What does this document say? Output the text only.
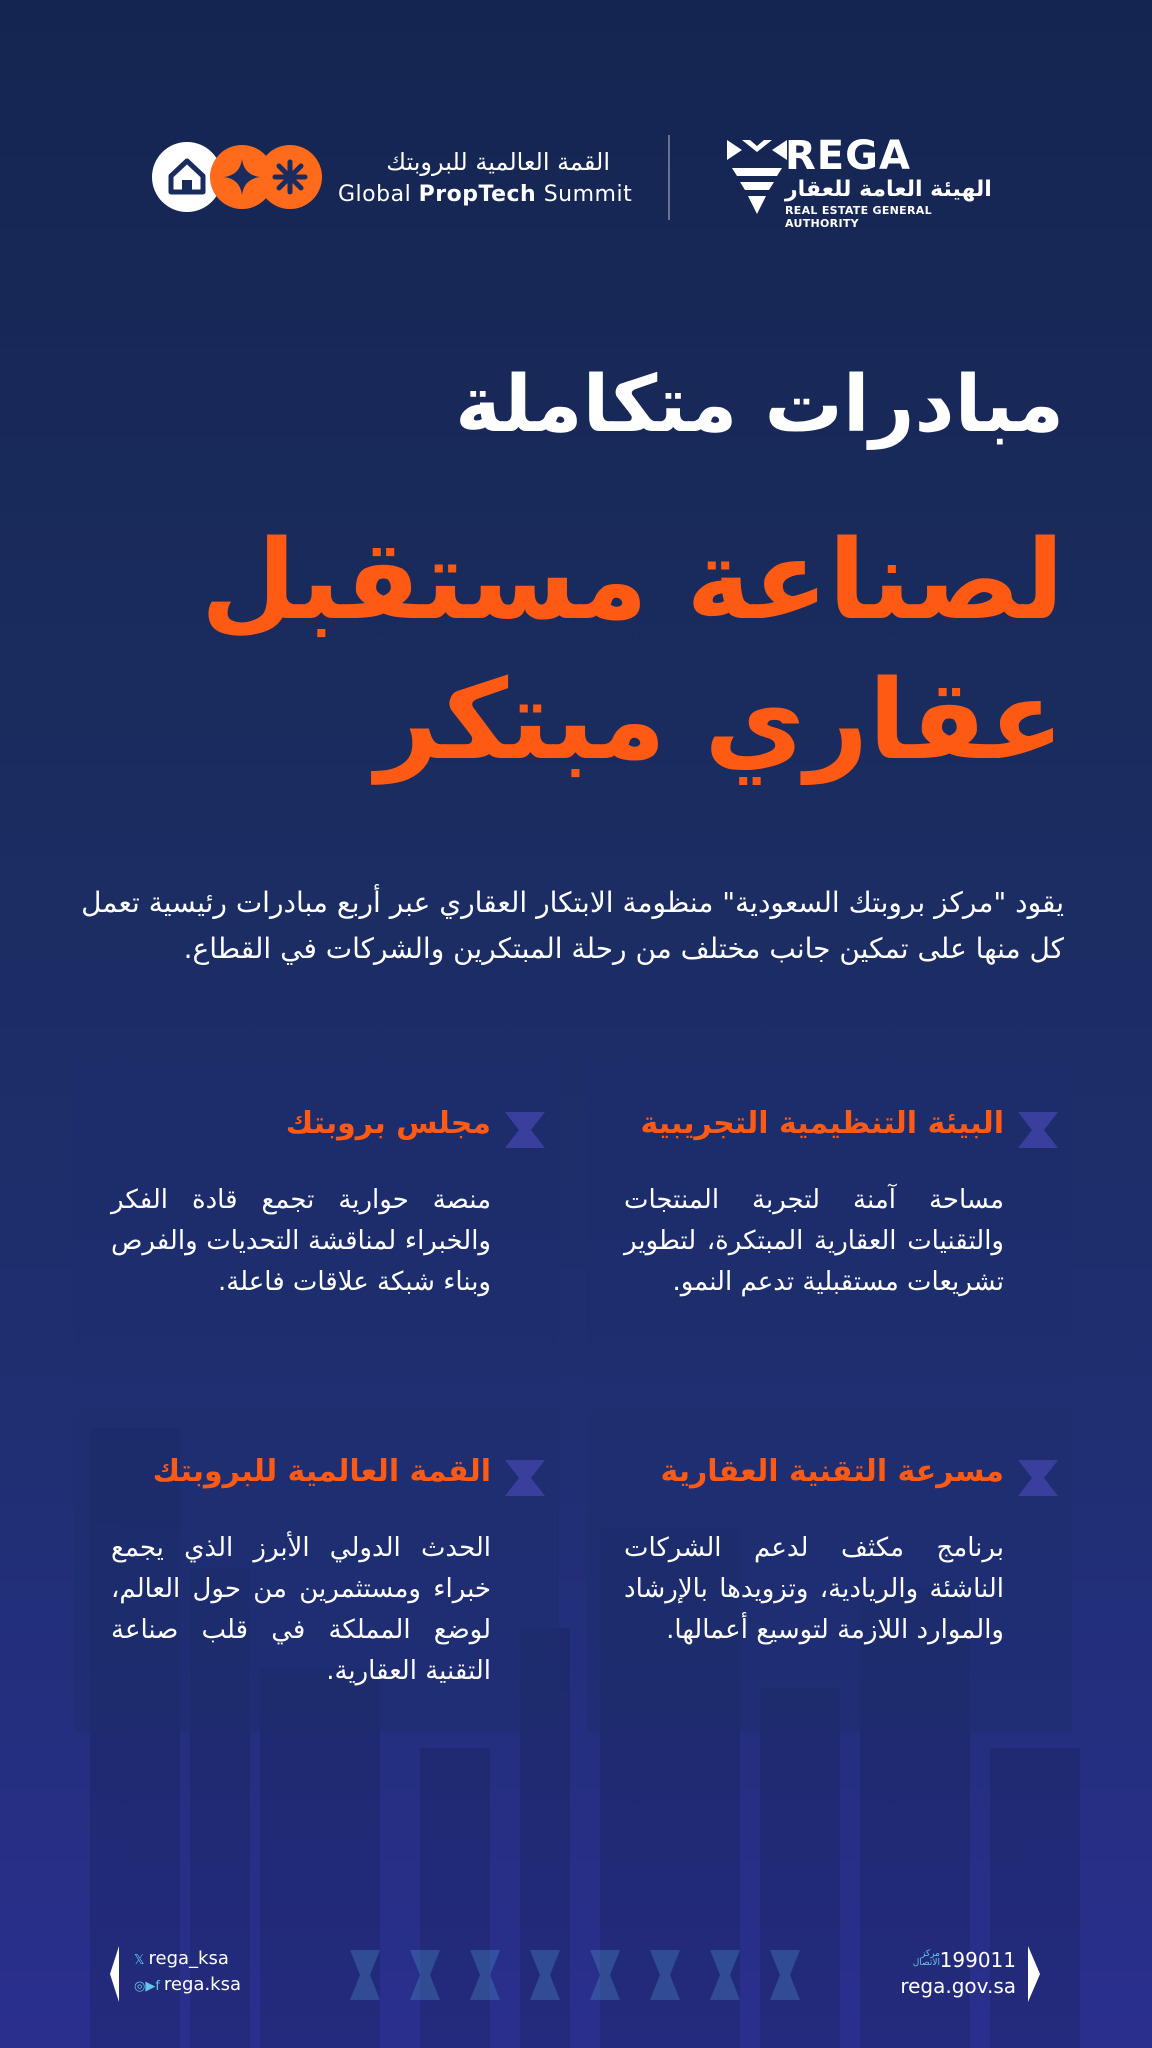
القمة العالمية للبروبتك
Global PropTech Summit
REGA
الهيئة العامة للعقار
REAL ESTATE GENERAL AUTHORITY
مبادرات متكاملة
لصناعة مستقبل
عقاري مبتكر
يقود "مركز بروبتك السعودية" منظومة الابتكار العقاري عبر أربع مبادرات رئيسية تعمل كل منها على تمكين جانب مختلف من رحلة المبتكرين والشركات في القطاع.
البيئة التنظيمية التجريبية
مساحة آمنة لتجربة المنتجات والتقنيات العقارية المبتكرة، لتطوير تشريعات مستقبلية تدعم النمو.
مجلس بروبتك
منصة حوارية تجمع قادة الفكر والخبراء لمناقشة التحديات والفرص وبناء شبكة علاقات فاعلة.
مسرعة التقنية العقارية
برنامج مكثف لدعم الشركات الناشئة والريادية، وتزويدها بالإرشاد والموارد اللازمة لتوسيع أعمالها.
القمة العالمية للبروبتك
الحدث الدولي الأبرز الذي يجمع خبراء ومستثمرين من حول العالم، لوضع المملكة في قلب صناعة التقنية العقارية.
𝕏 rega_ksa
◎▶f rega.ksa
مركز
الاتصال 199011
rega.gov.sa
